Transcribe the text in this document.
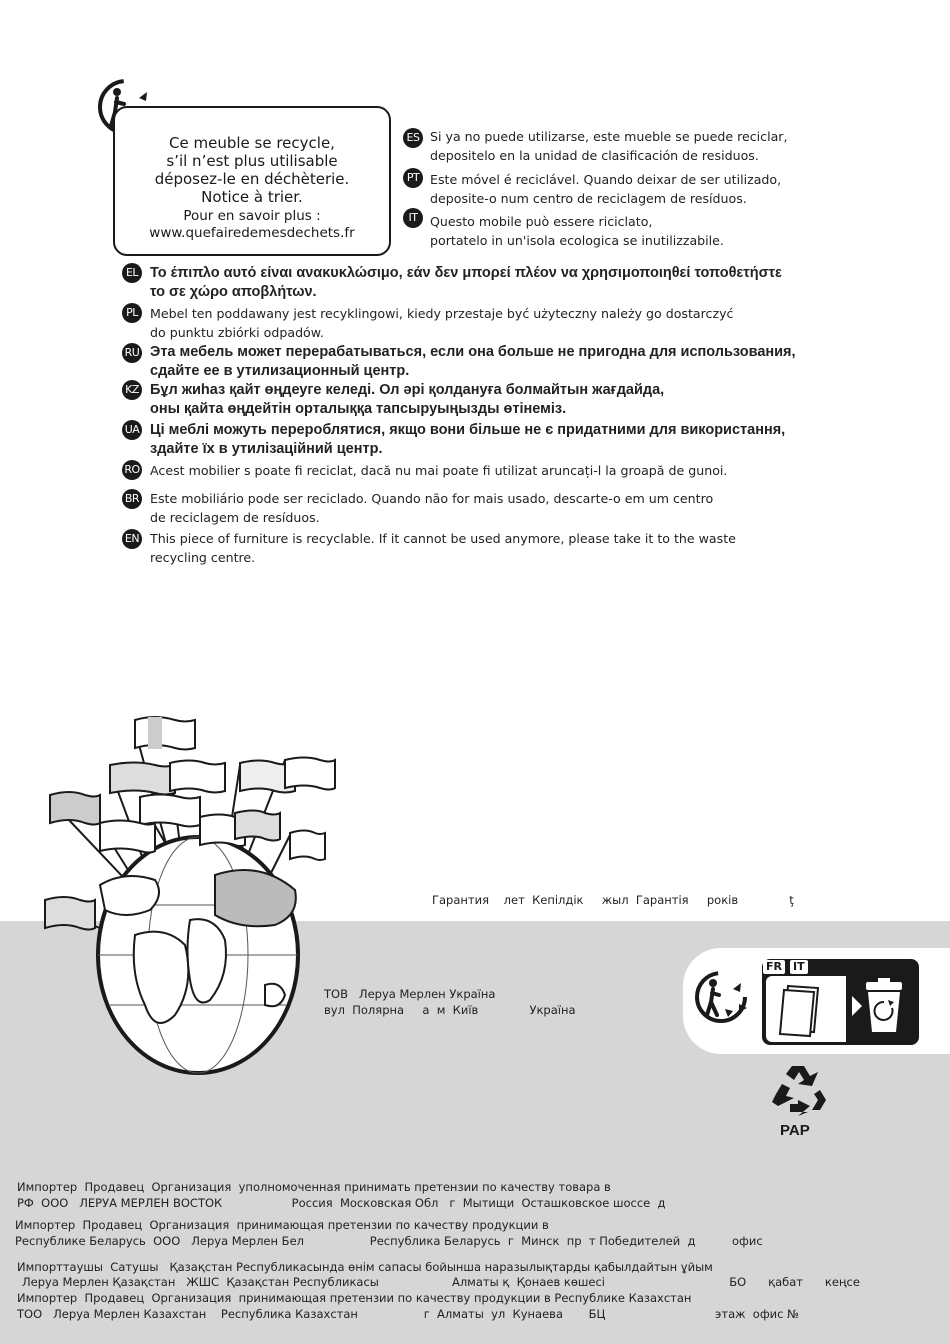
Ce meuble se recycle,
s’il n’est plus utilisable
déposez-le en déchèterie.
Notice à trier.
Pour en savoir plus :
www.quefairedemesdechets.fr
ES Si ya no puede utilizarse, este mueble se puede reciclar,
depositelo en la unidad de clasificación de residuos.
PT Este móvel é reciclável. Quando deixar de ser utilizado,
deposite-o num centro de reciclagem de resíduos.
IT Questo mobile può essere riciclato,
portatelo in un'isola ecologica se inutilizzabile.
EL Το έπιπλο αυτό είναι ανακυκλώσιμο, εάν δεν μπορεί πλέον να χρησιμοποιηθεί τοποθετήστε
το σε χώρο αποβλήτων.
PL Mebel ten poddawany jest recyklingowi, kiedy przestaje być użyteczny należy go dostarczyć
do punktu zbiórki odpadów.
RU Эта мебель может перерабатываться, если она больше не пригодна для использования,
сдайте ее в утилизационный центр.
KZ Бұл жиһаз қайт өңдеуге келеді. Ол әрі қолдануға болмайтын жағдайда,
оны қайта өңдейтін орталыққа тапсыруыңызды өтінеміз.
UA Ці меблі можуть перероблятися, якщо вони більше не є придатними для використання,
здайте їх в утилізаційний центр.
RO Acest mobilier s poate fi reciclat, dacă nu mai poate fi utilizat aruncați-l la groapă de gunoi.
BR Este mobiliário pode ser reciclado. Quando não for mais usado, descarte-o em um centro
de reciclagem de resíduos.
EN This piece of furniture is recyclable. If it cannot be used anymore, please take it to the waste
recycling centre.
Гарантия    лет  Кепілдік     жыл  Гарантія     років              ţ
ТОВ   Леруа Мерлен Україна
вул  Полярна     а  м  Київ              Україна
FR IT
PAP
Импортер  Продавец  Организация  уполномоченная принимать претензии по качеству товара в
РФ  ООО   ЛЕРУА МЕРЛЕН ВОСТОК                   Россия  Московская Обл   г  Мытищи  Осташковское шоссе  д
Импортер  Продавец  Организация  принимающая претензии по качеству продукции в
Республике Беларусь  ООО   Леруа Мерлен Бел                  Республика Беларусь  г  Минск  пр  т Победителей  д          офис
Импорттаушы  Сатушы   Қазақстан Республикасында өнім сапасы бойынша наразылықтарды қабылдайтын ұйым
Леруа Мерлен Қазақстан   ЖШС  Қазақстан Республикасы                    Алматы қ  Қонаев көшесі                                  БО      қабат      кеңсе
Импортер  Продавец  Организация  принимающая претензии по качеству продукции в Республике Казахстан
ТОО   Леруа Мерлен Казахстан    Республика Казахстан                  г  Алматы  ул  Кунаева       БЦ                              этаж  офис №
